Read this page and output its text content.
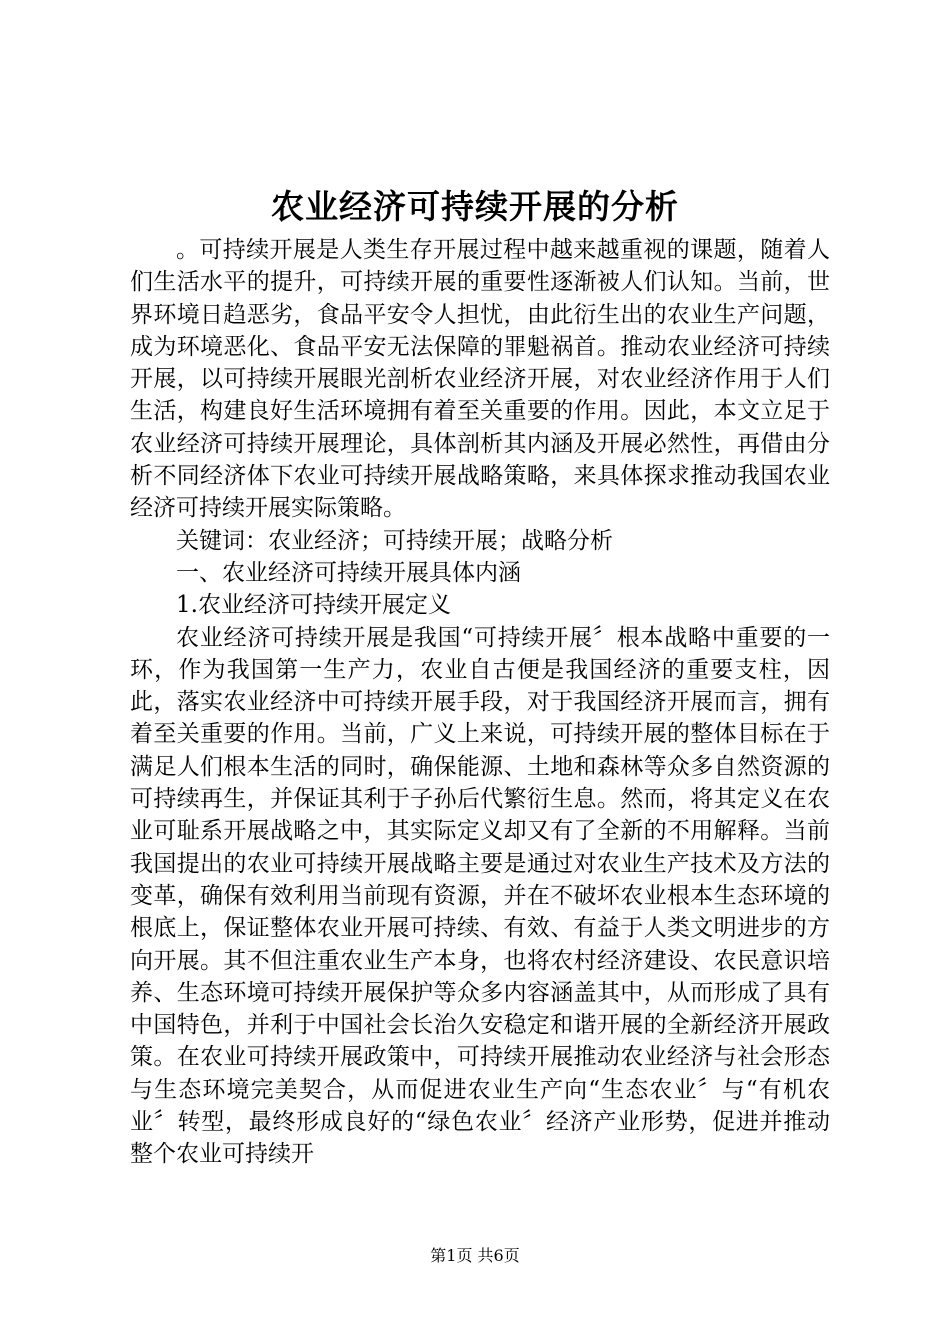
农业经济可持续开展的分析

。可持续开展是人类生存开展过程中越来越重视的课题，随着人们生活水平的提升，可持续开展的重要性逐渐被人们认知。当前，世界环境日趋恶劣，食品平安令人担忧，由此衍生出的农业生产问题，成为环境恶化、食品平安无法保障的罪魁祸首。推动农业经济可持续开展，以可持续开展眼光剖析农业经济开展，对农业经济作用于人们生活，构建良好生活环境拥有着至关重要的作用。因此，本文立足于农业经济可持续开展理论，具体剖析其内涵及开展必然性，再借由分析不同经济体下农业可持续开展战略策略，来具体探求推动我国农业经济可持续开展实际策略。

关键词：农业经济；可持续开展；战略分析

一、农业经济可持续开展具体内涵

1.农业经济可持续开展定义

农业经济可持续开展是我国“可持续开展〞根本战略中重要的一环，作为我国第一生产力，农业自古便是我国经济的重要支柱，因此，落实农业经济中可持续开展手段，对于我国经济开展而言，拥有着至关重要的作用。当前，广义上来说，可持续开展的整体目标在于满足人们根本生活的同时，确保能源、土地和森林等众多自然资源的可持续再生，并保证其利于子孙后代繁衍生息。然而，将其定义在农业可耻系开展战略之中，其实际定义却又有了全新的不用解释。当前我国提出的农业可持续开展战略主要是通过对农业生产技术及方法的变革，确保有效利用当前现有资源，并在不破坏农业根本生态环境的根底上，保证整体农业开展可持续、有效、有益于人类文明进步的方向开展。其不但注重农业生产本身，也将农村经济建设、农民意识培养、生态环境可持续开展保护等众多内容涵盖其中，从而形成了具有中国特色，并利于中国社会长治久安稳定和谐开展的全新经济开展政策。在农业可持续开展政策中，可持续开展推动农业经济与社会形态与生态环境完美契合，从而促进农业生产向“生态农业〞与“有机农业〞转型，最终形成良好的“绿色农业〞经济产业形势，促进并推动整个农业可持续开

第1页 共6页
